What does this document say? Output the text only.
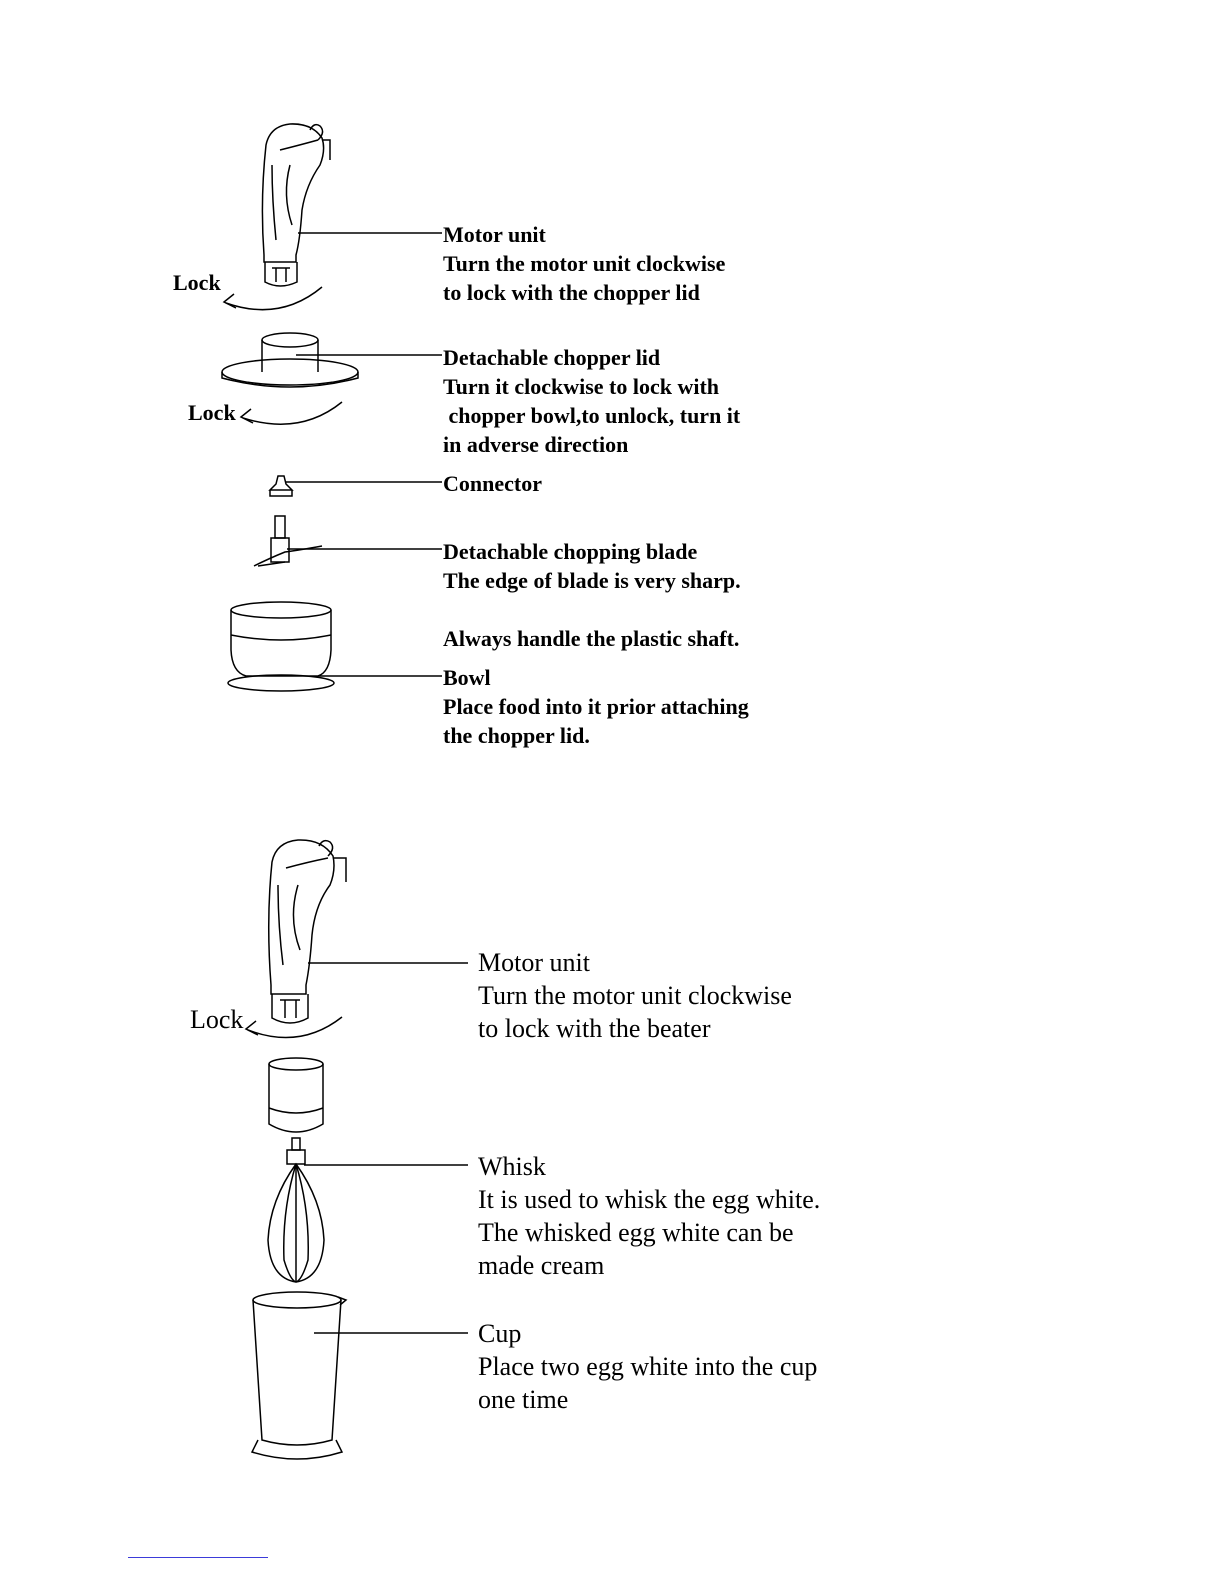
Lock
Lock
Motor unit
Turn the motor unit clockwise
to lock with the chopper lid
Detachable chopper lid
Turn it clockwise to lock with
chopper bowl,to unlock, turn it
in adverse direction
Connector
Detachable chopping blade
The edge of blade is very sharp.

Always handle the plastic shaft.
Bowl
Place food into it prior attaching
the chopper lid.
Lock
Motor unit
Turn the motor unit clockwise
to lock with the beater
Whisk
It is used to whisk the egg white.
The whisked egg white can be
made cream
Cup
Place two egg white into the cup
one time
